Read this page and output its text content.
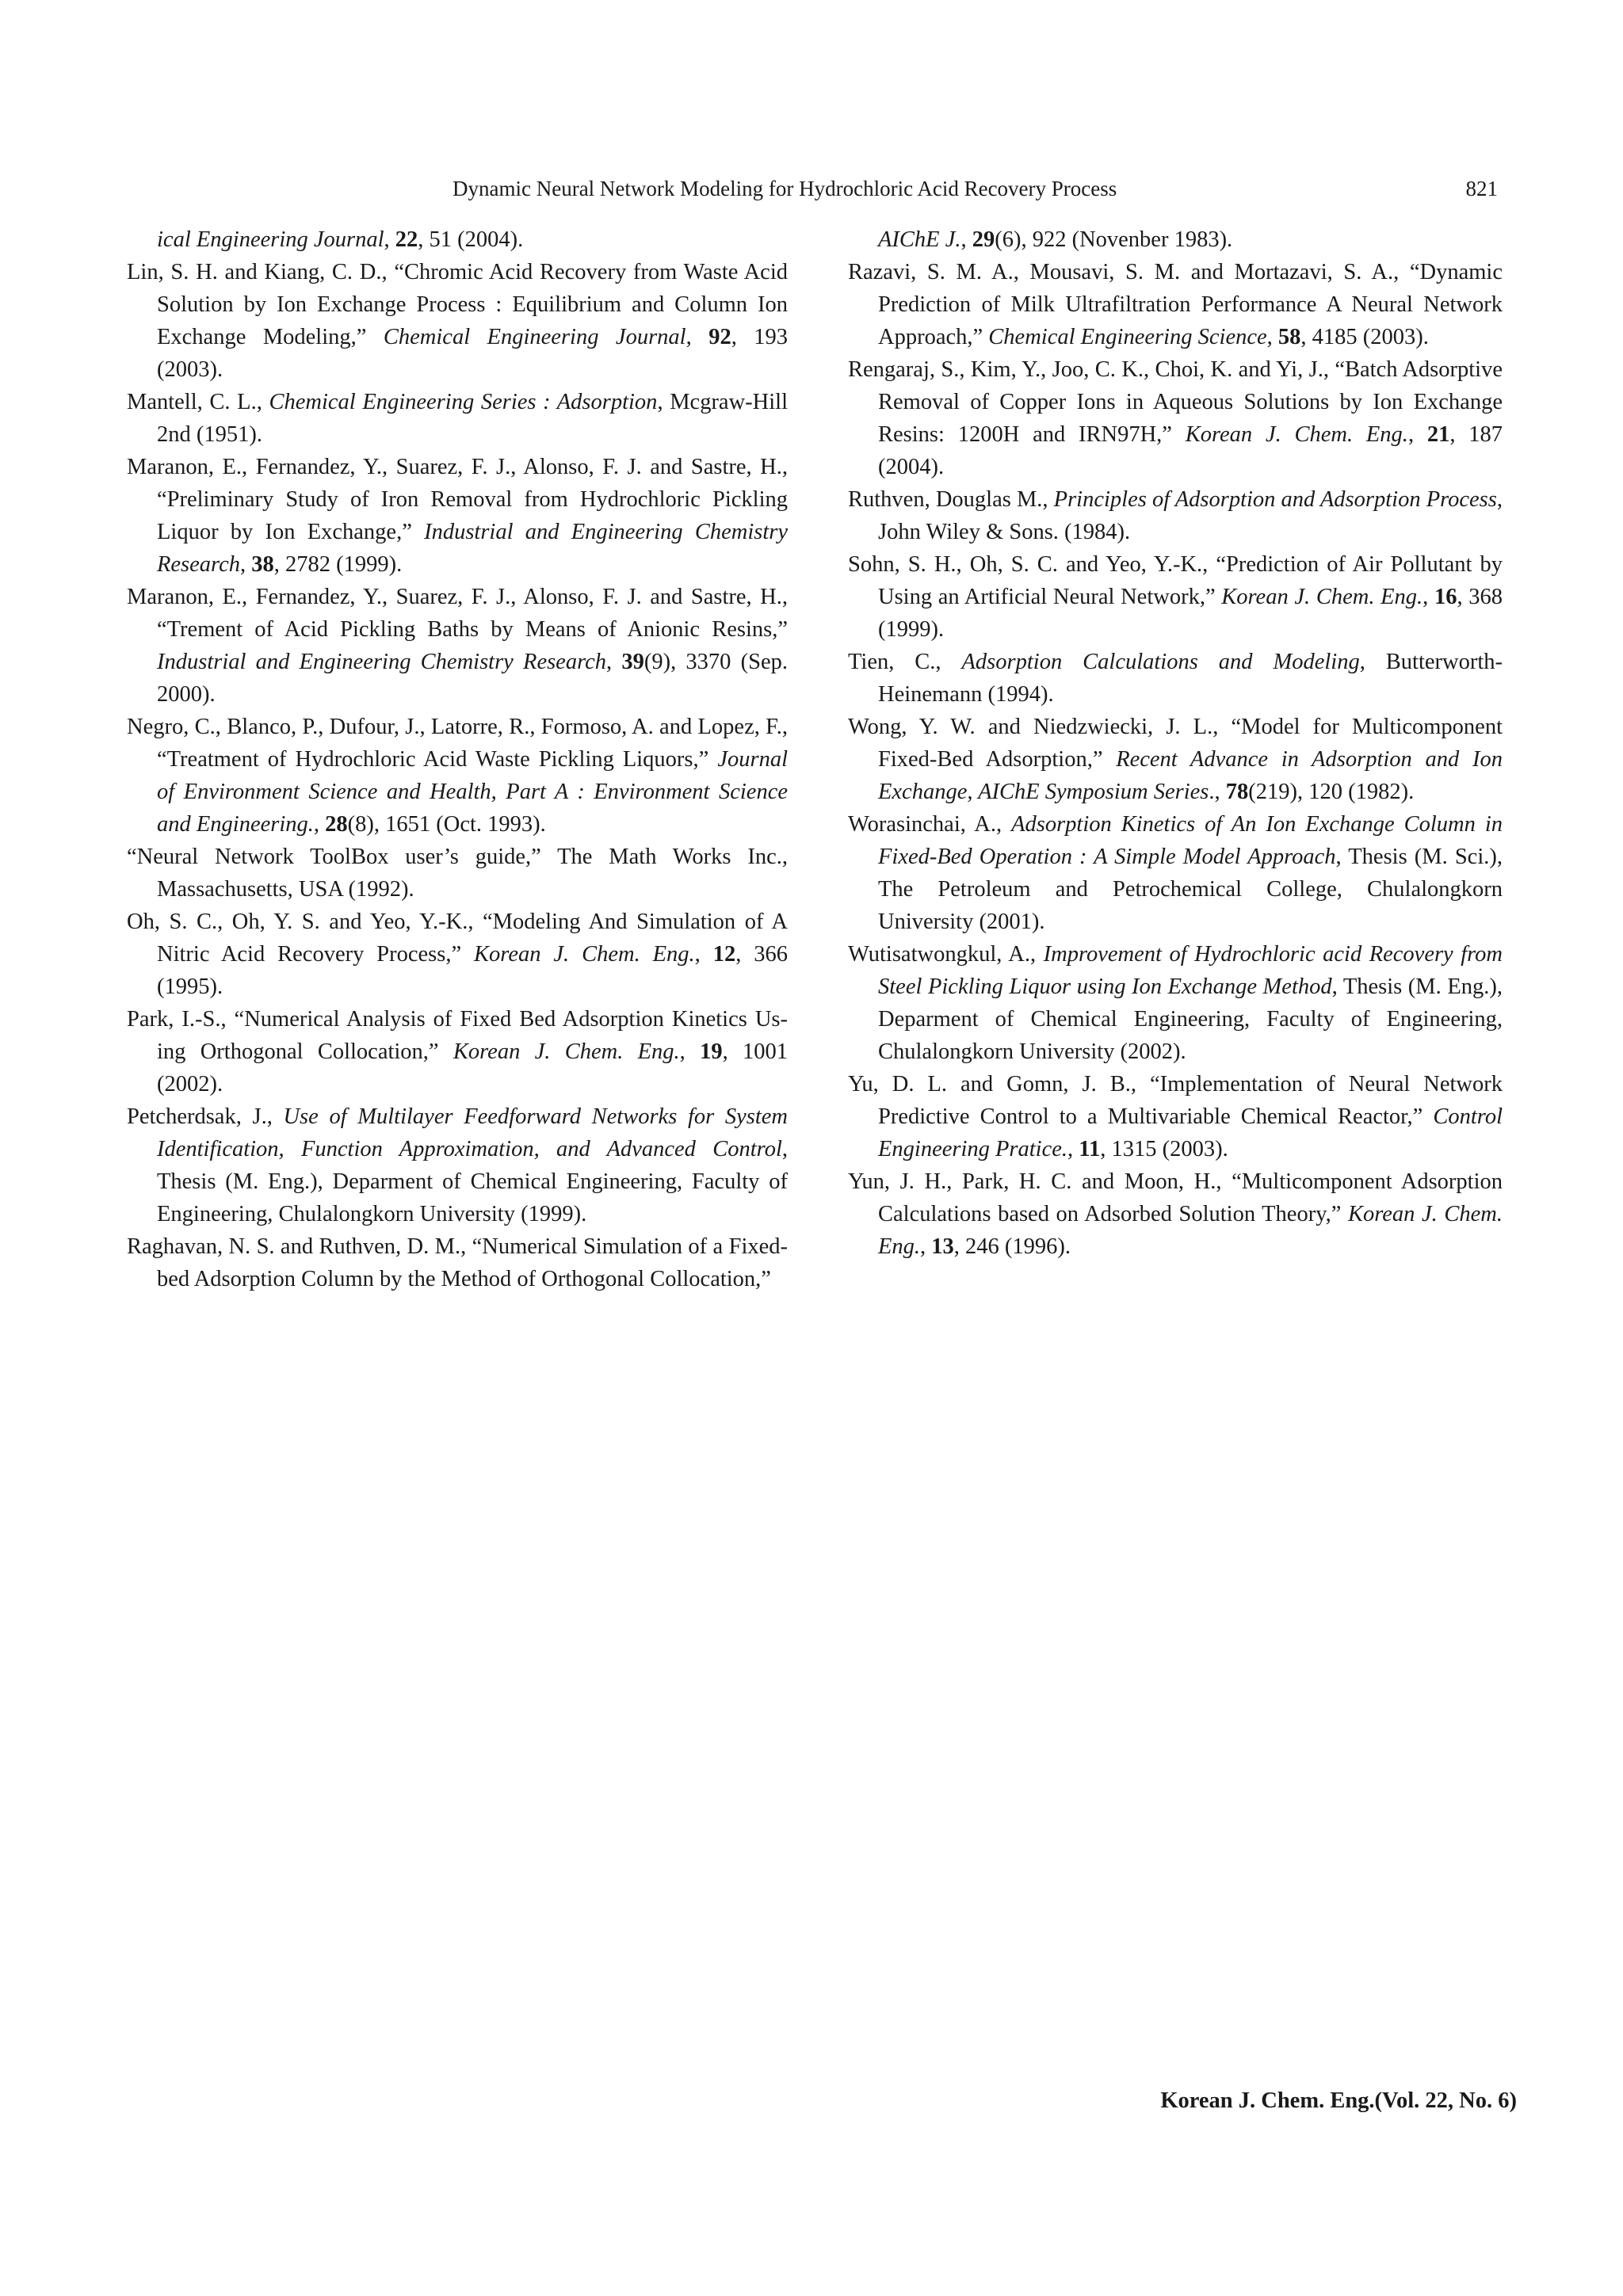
Dynamic Neural Network Modeling for Hydrochloric Acid Recovery Process	821

ical Engineering Journal, 22, 51 (2004).

Lin, S. H. and Kiang, C. D., “Chromic Acid Recovery from Waste Acid Solution by Ion Exchange Process : Equilibrium and Column Ion Exchange Modeling,” Chemical Engineering Journal, 92, 193 (2003).

Mantell, C. L., Chemical Engineering Series : Adsorption, Mcgraw-Hill 2nd (1951).

Maranon, E., Fernandez, Y., Suarez, F. J., Alonso, F. J. and Sastre, H., “Preliminary Study of Iron Removal from Hydrochloric Pickling Liquor by Ion Exchange,” Industrial and Engineering Chemistry Research, 38, 2782 (1999).

Maranon, E., Fernandez, Y., Suarez, F. J., Alonso, F. J. and Sastre, H., “Trement of Acid Pickling Baths by Means of Anionic Resins,” Industrial and Engineering Chemistry Research, 39(9), 3370 (Sep. 2000).

Negro, C., Blanco, P., Dufour, J., Latorre, R., Formoso, A. and Lopez, F., “Treatment of Hydrochloric Acid Waste Pickling Liquors,” Journal of Environment Science and Health, Part A : Environment Science and Engineering., 28(8), 1651 (Oct. 1993).

“Neural Network ToolBox user’s guide,” The Math Works Inc., Massachusetts, USA (1992).

Oh, S. C., Oh, Y. S. and Yeo, Y.-K., “Modeling And Simulation of A Nitric Acid Recovery Process,” Korean J. Chem. Eng., 12, 366 (1995).

Park, I.-S., “Numerical Analysis of Fixed Bed Adsorption Kinetics Us- ing Orthogonal Collocation,” Korean J. Chem. Eng., 19, 1001 (2002).

Petcherdsak, J., Use of Multilayer Feedforward Networks for System Identification, Function Approximation, and Advanced Control, Thesis (M. Eng.), Deparment of Chemical Engineering, Faculty of Engineering, Chulalongkorn University (1999).

Raghavan, N. S. and Ruthven, D. M., “Numerical Simulation of a Fixed-bed Adsorption Column by the Method of Orthogonal Collocation,”

AIChE J., 29(6), 922 (Novenber 1983).

Razavi, S. M. A., Mousavi, S. M. and Mortazavi, S. A., “Dynamic Prediction of Milk Ultrafiltration Performance A Neural Network Approach,” Chemical Engineering Science, 58, 4185 (2003).

Rengaraj, S., Kim, Y., Joo, C. K., Choi, K. and Yi, J., “Batch Adsorptive Removal of Copper Ions in Aqueous Solutions by Ion Exchange Resins: 1200H and IRN97H,” Korean J. Chem. Eng., 21, 187 (2004).

Ruthven, Douglas M., Principles of Adsorption and Adsorption Process, John Wiley & Sons. (1984).

Sohn, S. H., Oh, S. C. and Yeo, Y.-K., “Prediction of Air Pollutant by Using an Artificial Neural Network,” Korean J. Chem. Eng., 16, 368 (1999).

Tien, C., Adsorption Calculations and Modeling, Butterworth-Heinemann (1994).

Wong, Y. W. and Niedzwiecki, J. L., “Model for Multicomponent Fixed-Bed Adsorption,” Recent Advance in Adsorption and Ion Exchange, AIChE Symposium Series., 78(219), 120 (1982).

Worasinchai, A., Adsorption Kinetics of An Ion Exchange Column in Fixed-Bed Operation : A Simple Model Approach, Thesis (M. Sci.), The Petroleum and Petrochemical College, Chulalongkorn University (2001).

Wutisatwongkul, A., Improvement of Hydrochloric acid Recovery from Steel Pickling Liquor using Ion Exchange Method, Thesis (M. Eng.), Deparment of Chemical Engineering, Faculty of Engineering, Chulalongkorn University (2002).

Yu, D. L. and Gomn, J. B., “Implementation of Neural Network Predictive Control to a Multivariable Chemical Reactor,” Control Engineering Pratice., 11, 1315 (2003).

Yun, J. H., Park, H. C. and Moon, H., “Multicomponent Adsorption Calculations based on Adsorbed Solution Theory,” Korean J. Chem. Eng., 13, 246 (1996).

Korean J. Chem. Eng.(Vol. 22, No. 6)
